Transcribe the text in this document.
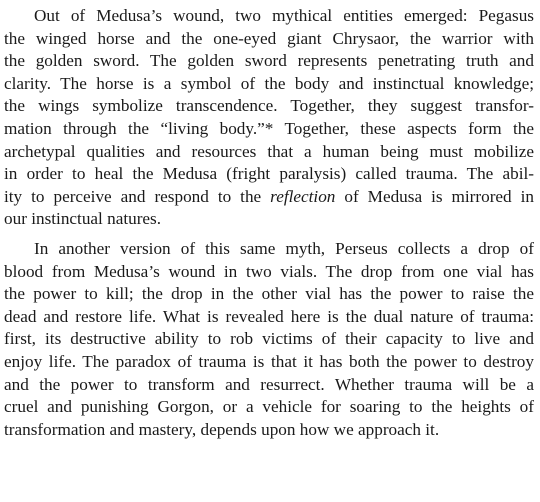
Out of Medusa’s wound, two mythical entities emerged: Pegasus
the winged horse and the one-eyed giant Chrysaor, the warrior with
the golden sword. The golden sword represents penetrating truth and
clarity. The horse is a symbol of the body and instinctual knowledge;
the wings symbolize transcendence. Together, they suggest transfor-
mation through the “living body.”* Together, these aspects form the
archetypal qualities and resources that a human being must mobilize
in order to heal the Medusa (fright paralysis) called trauma. The abil-
ity to perceive and respond to the reflection of Medusa is mirrored in
our instinctual natures.
In another version of this same myth, Perseus collects a drop of
blood from Medusa’s wound in two vials. The drop from one vial has
the power to kill; the drop in the other vial has the power to raise the
dead and restore life. What is revealed here is the dual nature of trauma:
first, its destructive ability to rob victims of their capacity to live and
enjoy life. The paradox of trauma is that it has both the power to destroy
and the power to transform and resurrect. Whether trauma will be a
cruel and punishing Gorgon, or a vehicle for soaring to the heights of
transformation and mastery, depends upon how we approach it.
